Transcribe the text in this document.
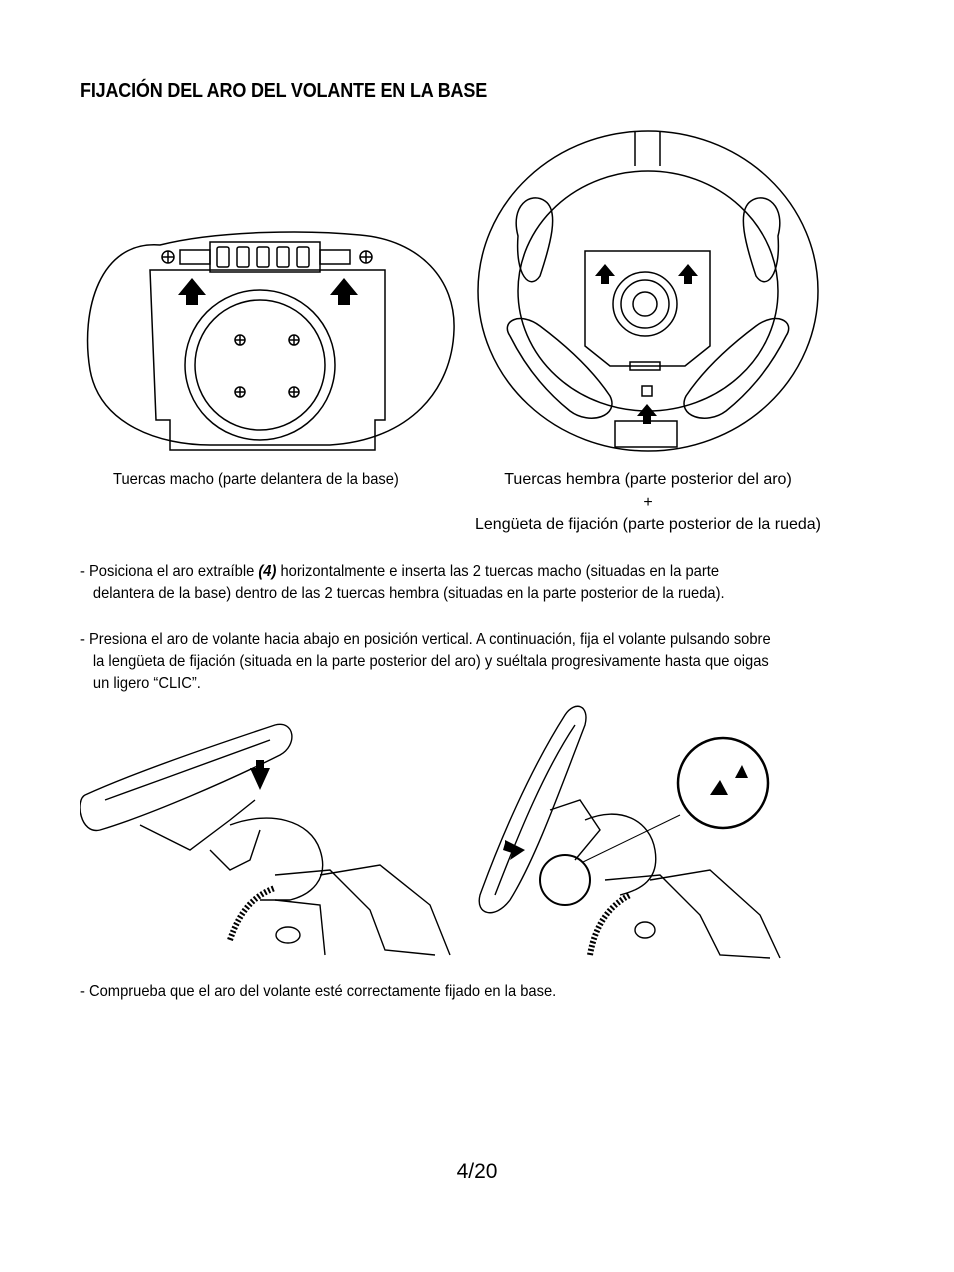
FIJACIÓN DEL ARO DEL VOLANTE EN LA BASE
Tuercas macho (parte delantera de la base)	Tuercas hembra (parte posterior del aro)
+
Lengüeta de fijación (parte posterior de la rueda)
- Posiciona el aro extraíble (4) horizontalmente e inserta las 2 tuercas macho (situadas en la parte
delantera de la base) dentro de las 2 tuercas hembra (situadas en la parte posterior de la rueda).
- Presiona el aro de volante hacia abajo en posición vertical. A continuación, fija el volante pulsando sobre
la lengüeta de fijación (situada en la parte posterior del aro) y suéltala progresivamente hasta que oigas
un ligero “CLIC”.
- Comprueba que el aro del volante esté correctamente fijado en la base.
4/20
